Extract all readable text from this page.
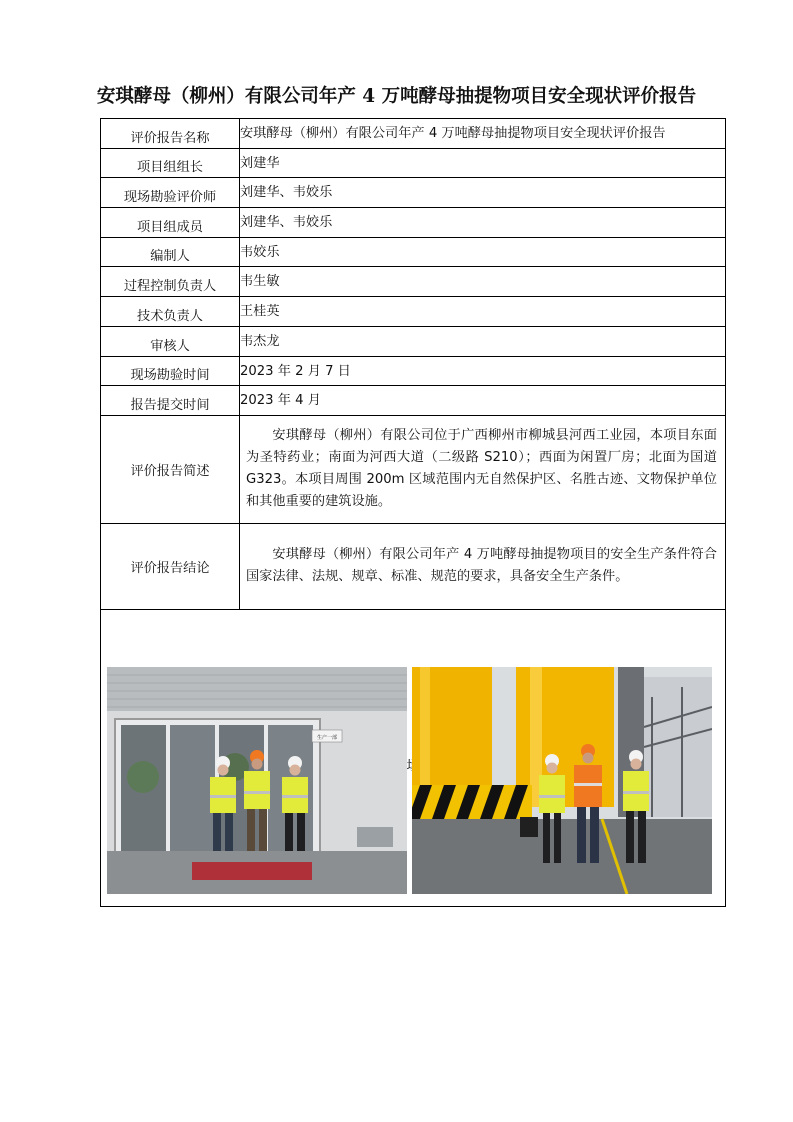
安琪酵母（柳州）有限公司年产 4 万吨酵母抽提物项目安全现状评价报告
评价报告名称	安琪酵母（柳州）有限公司年产 4 万吨酵母抽提物项目安全现状评价报告
项目组组长	刘建华
现场勘验评价师	刘建华、韦姣乐
项目组成员	刘建华、韦姣乐
编制人	韦姣乐
过程控制负责人	韦生敏
技术负责人	王桂英
审核人	韦杰龙
现场勘验时间	2023 年 2 月 7 日
报告提交时间	2023 年 4 月
评价报告简述	安琪酵母（柳州）有限公司位于广西柳州市柳城县河西工业园，本项目东面为圣特药业；南面为河西大道（二级路 S210）；西面为闲置厂房；北面为国道 G323。本项目周围 200m 区域范围内无自然保护区、名胜古迹、文物保护单位和其他重要的建筑设施。

评价报告结论	安琪酵母（柳州）有限公司年产 4 万吨酵母抽提物项目的安全生产条件符合国家法律、法规、规章、标准、规范的要求，具备安全生产条件。

生产一部	
